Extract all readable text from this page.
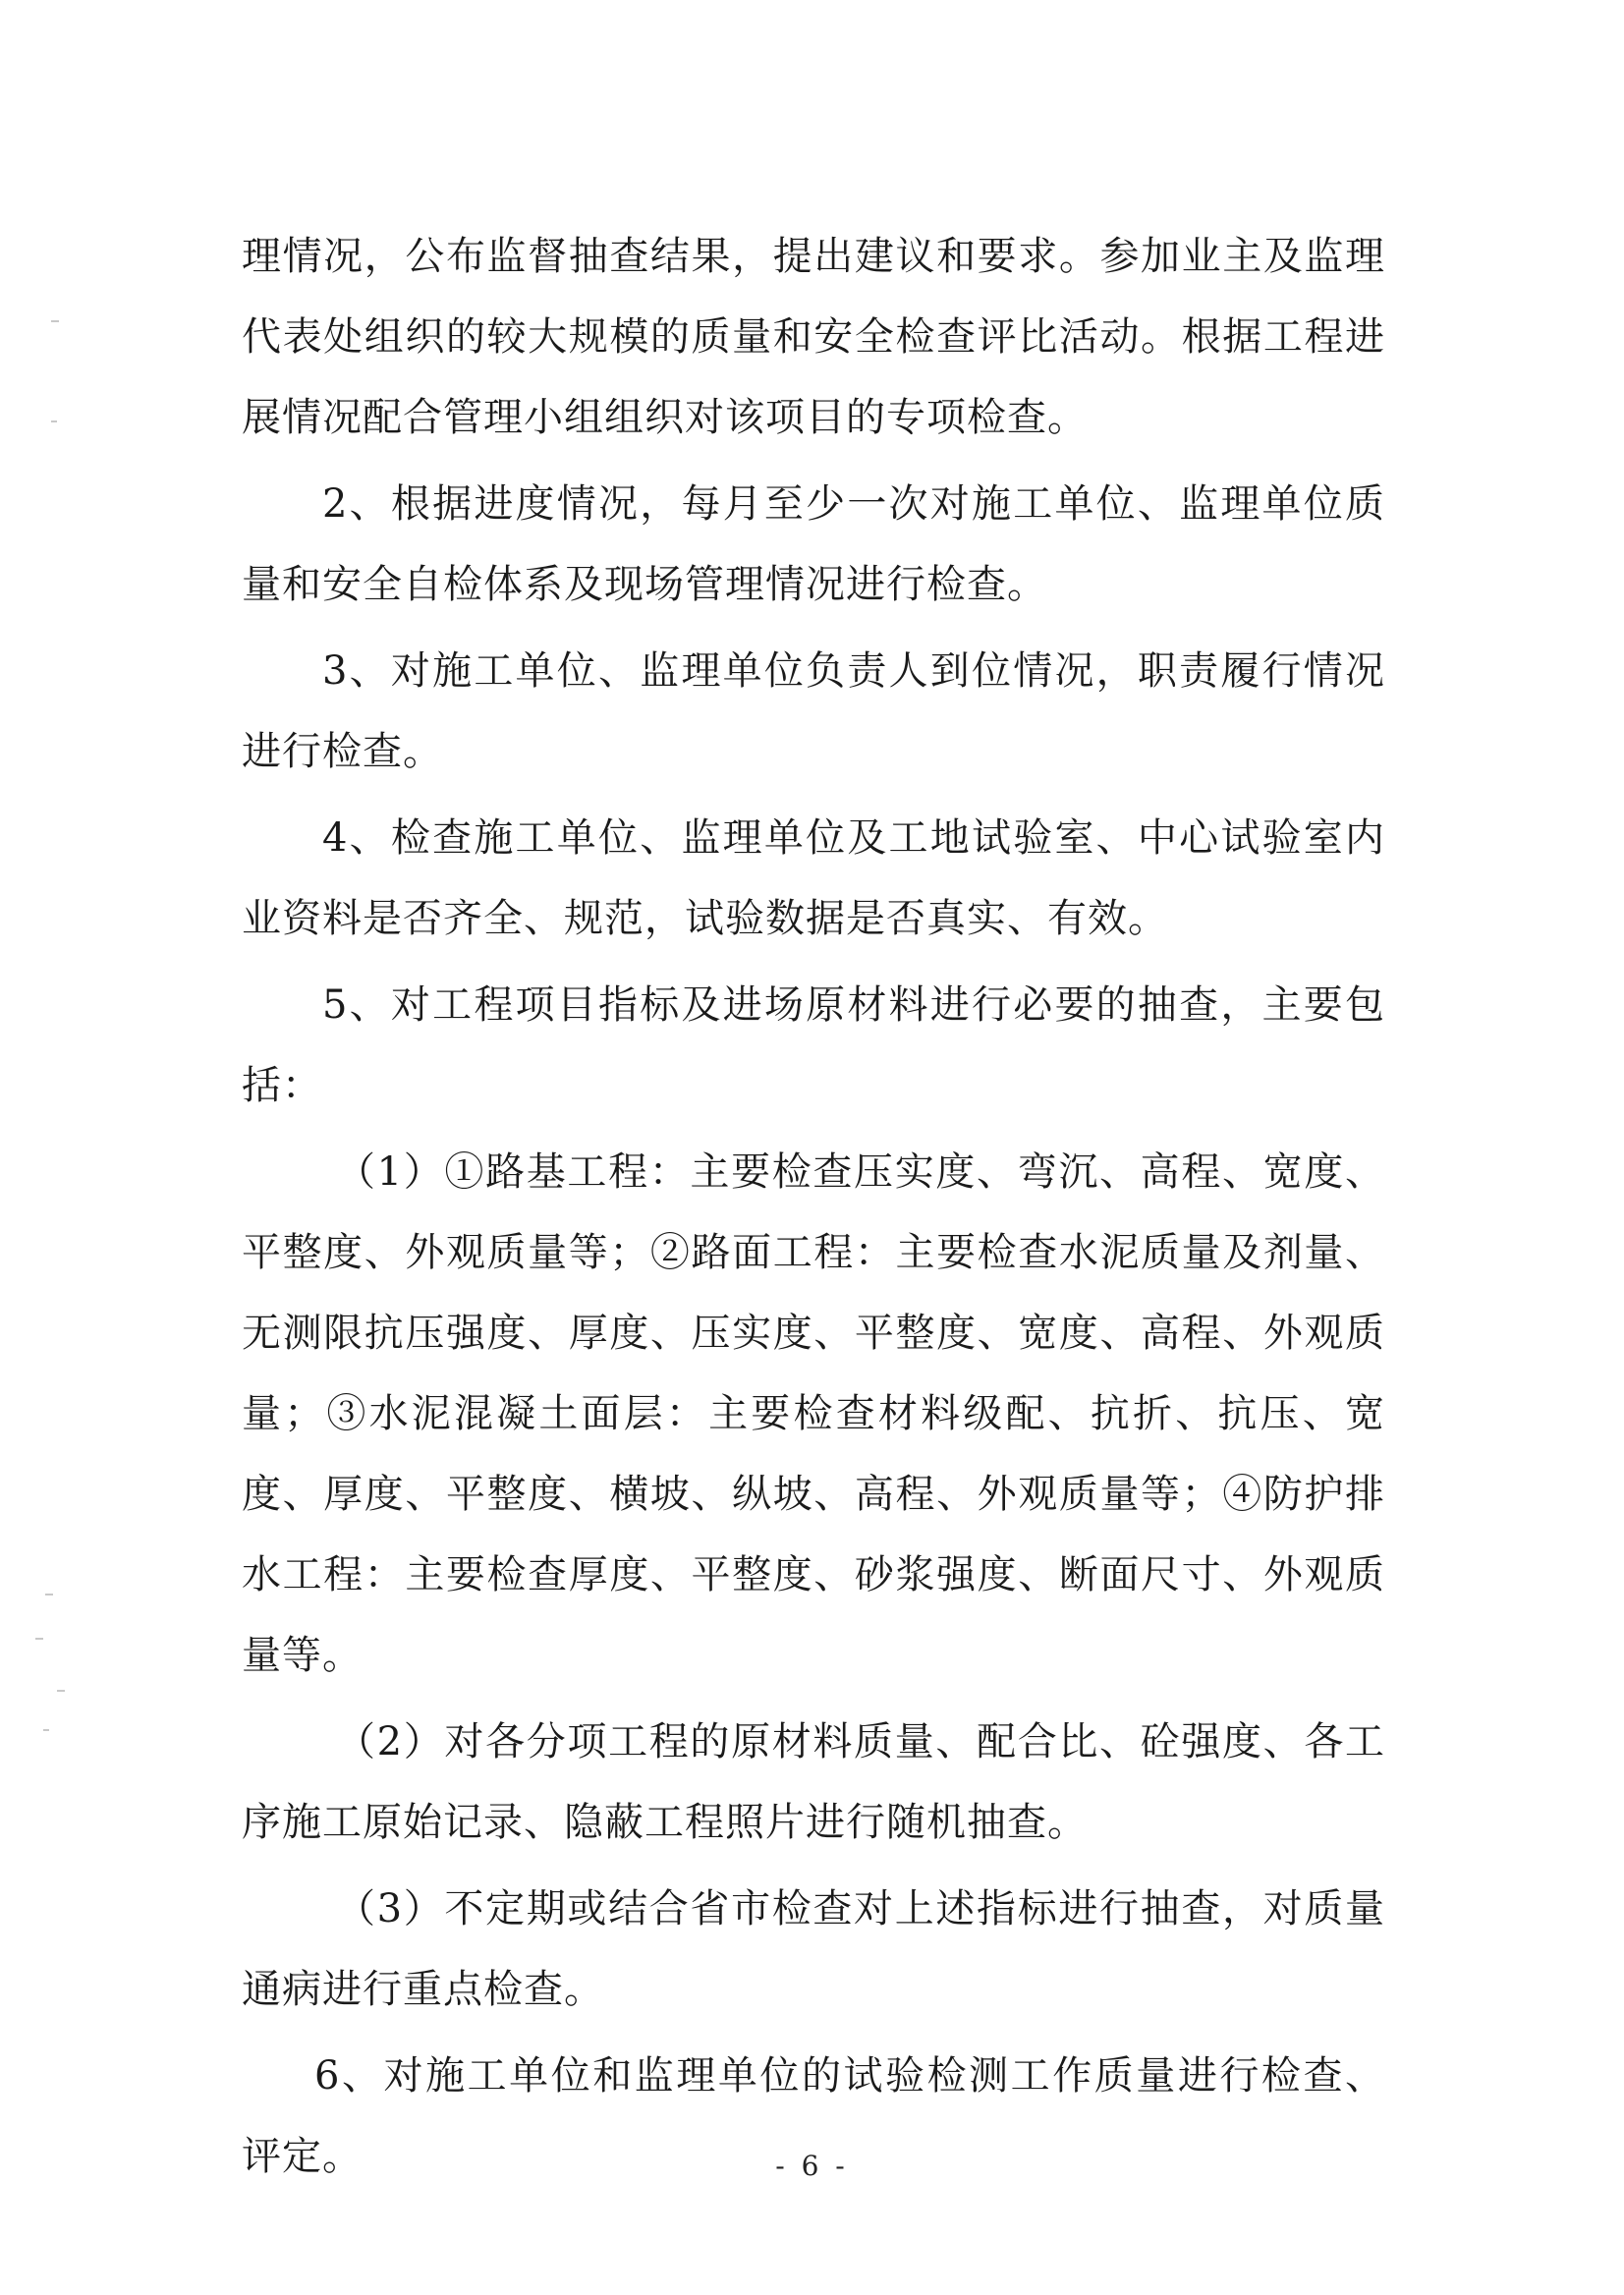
理情况，公布监督抽查结果，提出建议和要求。参加业主及监理代表处组织的较大规模的质量和安全检查评比活动。根据工程进展情况配合管理小组组织对该项目的专项检查。

2、根据进度情况，每月至少一次对施工单位、监理单位质量和安全自检体系及现场管理情况进行检查。

3、对施工单位、监理单位负责人到位情况，职责履行情况进行检查。

4、检查施工单位、监理单位及工地试验室、中心试验室内业资料是否齐全、规范，试验数据是否真实、有效。

5、对工程项目指标及进场原材料进行必要的抽查，主要包括：

（1）①路基工程：主要检查压实度、弯沉、高程、宽度、平整度、外观质量等；②路面工程：主要检查水泥质量及剂量、无测限抗压强度、厚度、压实度、平整度、宽度、高程、外观质量；③水泥混凝土面层：主要检查材料级配、抗折、抗压、宽度、厚度、平整度、横坡、纵坡、高程、外观质量等；④防护排水工程：主要检查厚度、平整度、砂浆强度、断面尺寸、外观质量等。

（2）对各分项工程的原材料质量、配合比、砼强度、各工序施工原始记录、隐蔽工程照片进行随机抽查。

（3）不定期或结合省市检查对上述指标进行抽查，对质量通病进行重点检查。

6、对施工单位和监理单位的试验检测工作质量进行检查、评定。	- 6 -
